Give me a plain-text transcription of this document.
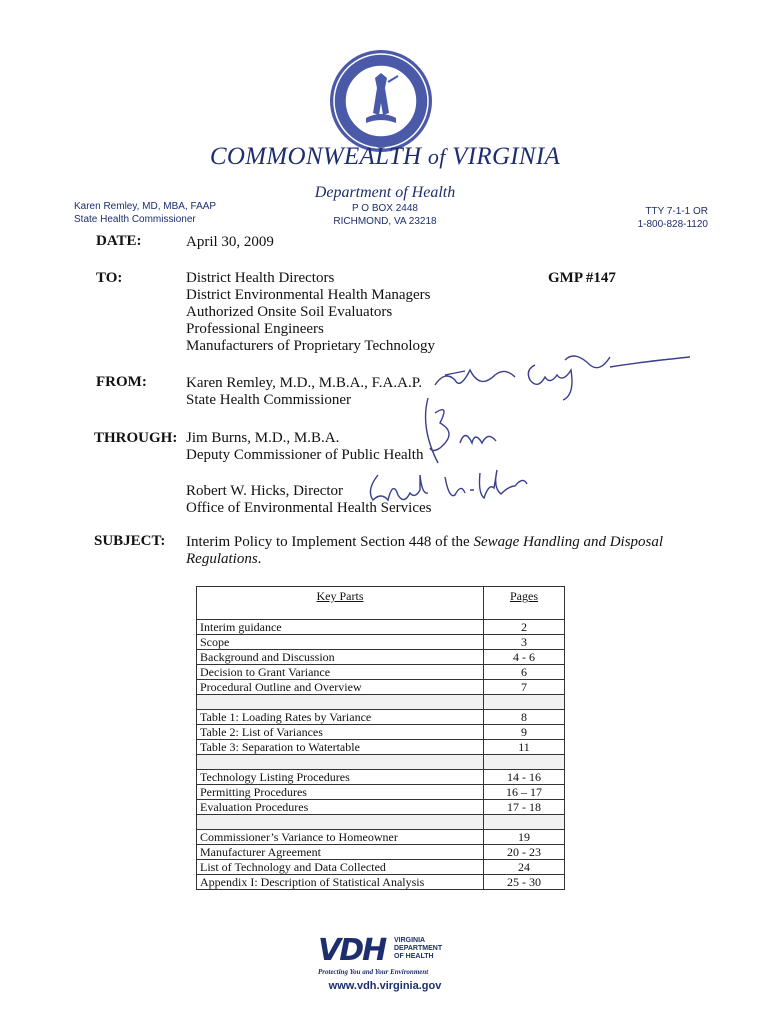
COMMONWEALTH of VIRGINIA
Department of Health
P O BOX 2448
RICHMOND, VA 23218
Karen Remley, MD, MBA, FAAP
State Health Commissioner
TTY 7-1-1 OR
1-800-828-1120
DATE:	April 30, 2009
TO:	District Health Directors
District Environmental Health Managers
Authorized Onsite Soil Evaluators
Professional Engineers
Manufacturers of Proprietary Technology
GMP #147
FROM:	Karen Remley, M.D., M.B.A., F.A.A.P.
State Health Commissioner
THROUGH: Jim Burns, M.D., M.B.A.
Deputy Commissioner of Public Health
Robert W. Hicks, Director
Office of Environmental Health Services
SUBJECT: Interim Policy to Implement Section 448 of the Sewage Handling and Disposal Regulations.
Key Parts	Pages
Interim guidance	2
Scope	3
Background and Discussion	4 - 6
Decision to Grant Variance	6
Procedural Outline and Overview	7

Table 1: Loading Rates by Variance	8
Table 2: List of Variances	9
Table 3: Separation to Watertable	11

Technology Listing Procedures	14 - 16
Permitting Procedures	16 – 17
Evaluation Procedures	17 - 18

Commissioner’s Variance to Homeowner	19
Manufacturer Agreement	20 - 23
List of Technology and Data Collected	24
Appendix I: Description of Statistical Analysis	25 - 30
VDH VIRGINIA
DEPARTMENT
OF HEALTH
Protecting You and Your Environment
www.vdh.virginia.gov
